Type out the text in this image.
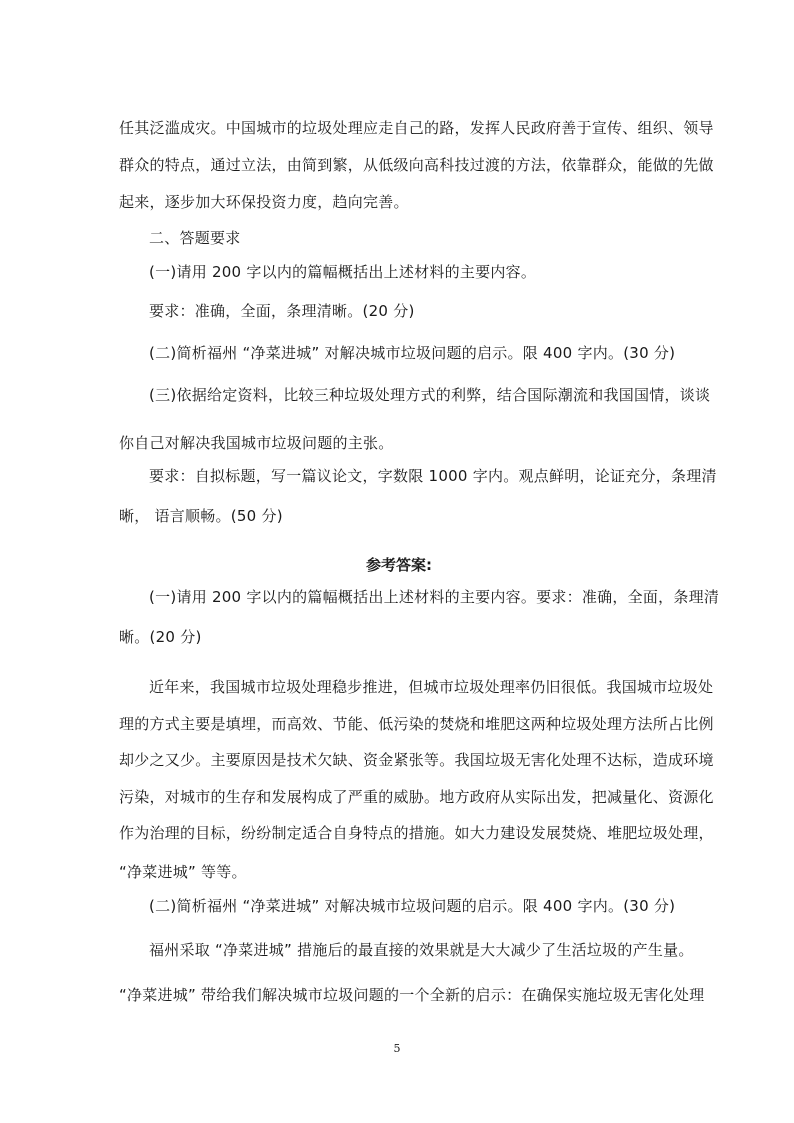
任其泛滥成灾。中国城市的垃圾处理应走自己的路，发挥人民政府善于宣传、组织、领导
群众的特点，通过立法，由简到繁，从低级向高科技过渡的方法，依靠群众，能做的先做
起来，逐步加大环保投资力度，趋向完善。
二、答题要求
(一)请用 200 字以内的篇幅概括出上述材料的主要内容。
要求：准确，全面，条理清晰。(20 分)
(二)简析福州 “净菜进城” 对解决城市垃圾问题的启示。限 400 字内。(30 分)
(三)依据给定资料，比较三种垃圾处理方式的利弊，结合国际潮流和我国国情，谈谈
你自己对解决我国城市垃圾问题的主张。
要求：自拟标题，写一篇议论文，字数限 1000 字内。观点鲜明，论证充分，条理清
晰， 语言顺畅。(50 分)
参考答案:
(一)请用 200 字以内的篇幅概括出上述材料的主要内容。要求：准确，全面，条理清
晰。(20 分)
近年来，我国城市垃圾处理稳步推进，但城市垃圾处理率仍旧很低。我国城市垃圾处
理的方式主要是填埋，而高效、节能、低污染的焚烧和堆肥这两种垃圾处理方法所占比例
却少之又少。主要原因是技术欠缺、资金紧张等。我国垃圾无害化处理不达标，造成环境
污染，对城市的生存和发展构成了严重的威胁。地方政府从实际出发，把减量化、资源化
作为治理的目标，纷纷制定适合自身特点的措施。如大力建设发展焚烧、堆肥垃圾处理，
“净菜进城” 等等。
(二)简析福州 “净菜进城” 对解决城市垃圾问题的启示。限 400 字内。(30 分)
福州采取 “净菜进城” 措施后的最直接的效果就是大大减少了生活垃圾的产生量。
“净菜进城” 带给我们解决城市垃圾问题的一个全新的启示：在确保实施垃圾无害化处理
5
